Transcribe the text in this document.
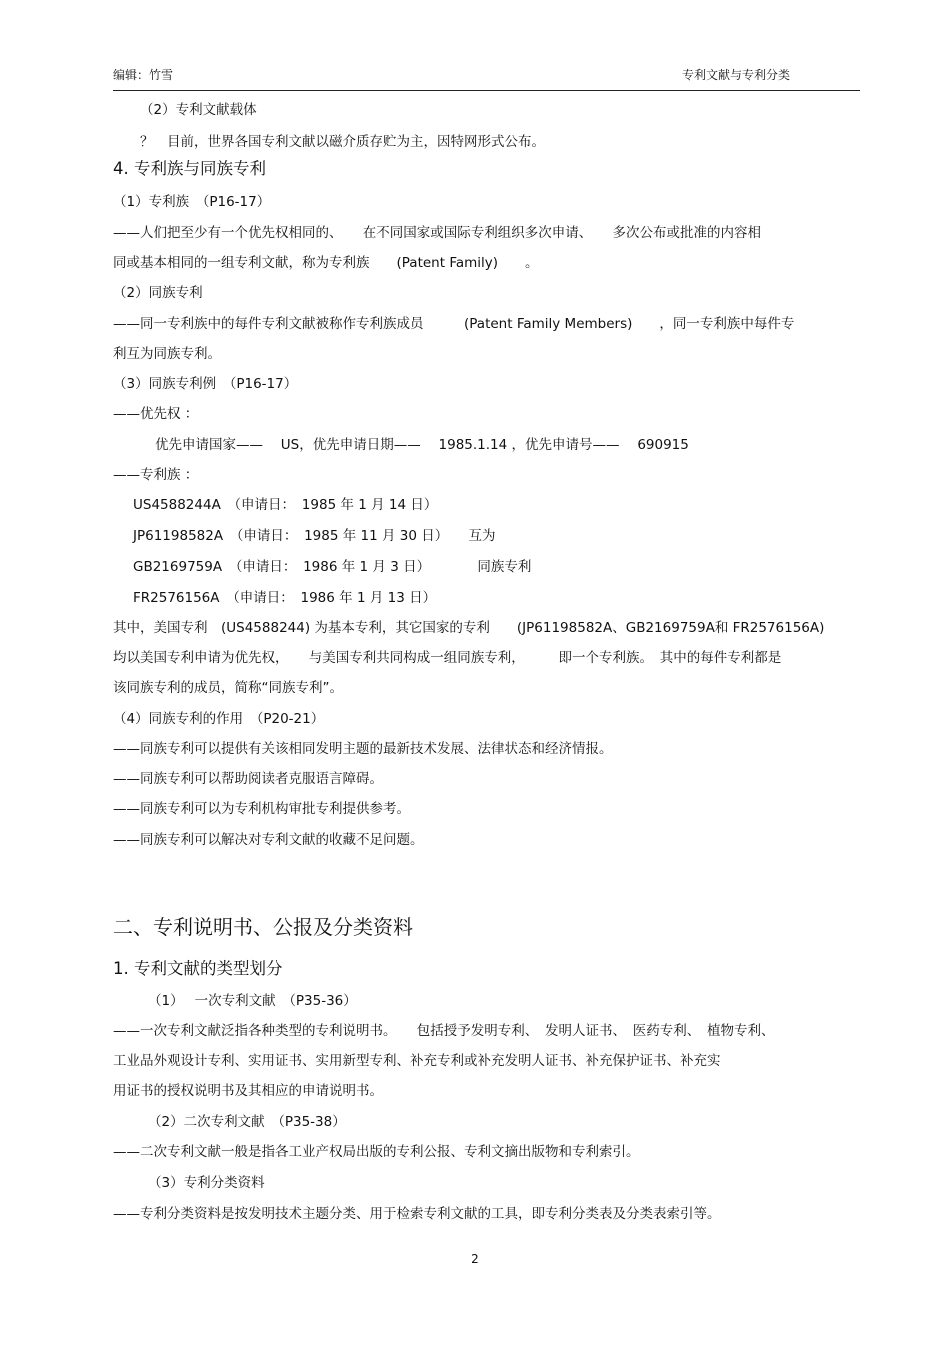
编辑：竹雪	专利文献与专利分类
（2）专利文献载体
？　目前，世界各国专利文献以磁介质存贮为主，因特网形式公布。
4. 专利族与同族专利
（1）专利族　（P16-17）
——人们把至少有一个优先权相同的、　　在不同国家或国际专利组织多次申请、　　多次公布或批准的内容相
同或基本相同的一组专利文献，称为专利族　　(Patent Family)　　。
（2）同族专利
——同一专利族中的每件专利文献被称作专利族成员　　　(Patent Family Members)　　，同一专利族中每件专
利互为同族专利。
（3）同族专利例　（P16-17）
——优先权 ：
优先申请国家——　 US，优先申请日期——　 1985.1.14 ，优先申请号——　 690915
——专利族 ：
US4588244A　（申请日：　1985 年 1 月 14 日）
JP61198582A　（申请日：　1985 年 11 月 30 日）　　互为
GB2169759A　（申请日：　1986 年 1 月 3 日）　　　　同族专利
FR2576156A　（申请日：　1986 年 1 月 13 日）
其中，美国专利　(US4588244) 为基本专利，其它国家的专利　　(JP61198582A、GB2169759A和 FR2576156A)
均以美国专利申请为优先权，　　与美国专利共同构成一组同族专利，　　　即一个专利族。　其中的每件专利都是
该同族专利的成员，简称“同族专利”。
（4）同族专利的作用　（P20-21）
——同族专利可以提供有关该相同发明主题的最新技术发展、法律状态和经济情报。
——同族专利可以帮助阅读者克服语言障碍。
——同族专利可以为专利机构审批专利提供参考。
——同族专利可以解决对专利文献的收藏不足问题。
二、专利说明书、公报及分类资料
1. 专利文献的类型划分
（1）　 一次专利文献　（P35-36）
——一次专利文献泛指各种类型的专利说明书。　　包括授予发明专利、　发明人证书、　医药专利、　植物专利、
工业品外观设计专利、实用证书、实用新型专利、补充专利或补充发明人证书、补充保护证书、补充实
用证书的授权说明书及其相应的申请说明书。
（2）二次专利文献　（P35-38）
——二次专利文献一般是指各工业产权局出版的专利公报、专利文摘出版物和专利索引。
（3）专利分类资料
——专利分类资料是按发明技术主题分类、用于检索专利文献的工具，即专利分类表及分类表索引等。
2
